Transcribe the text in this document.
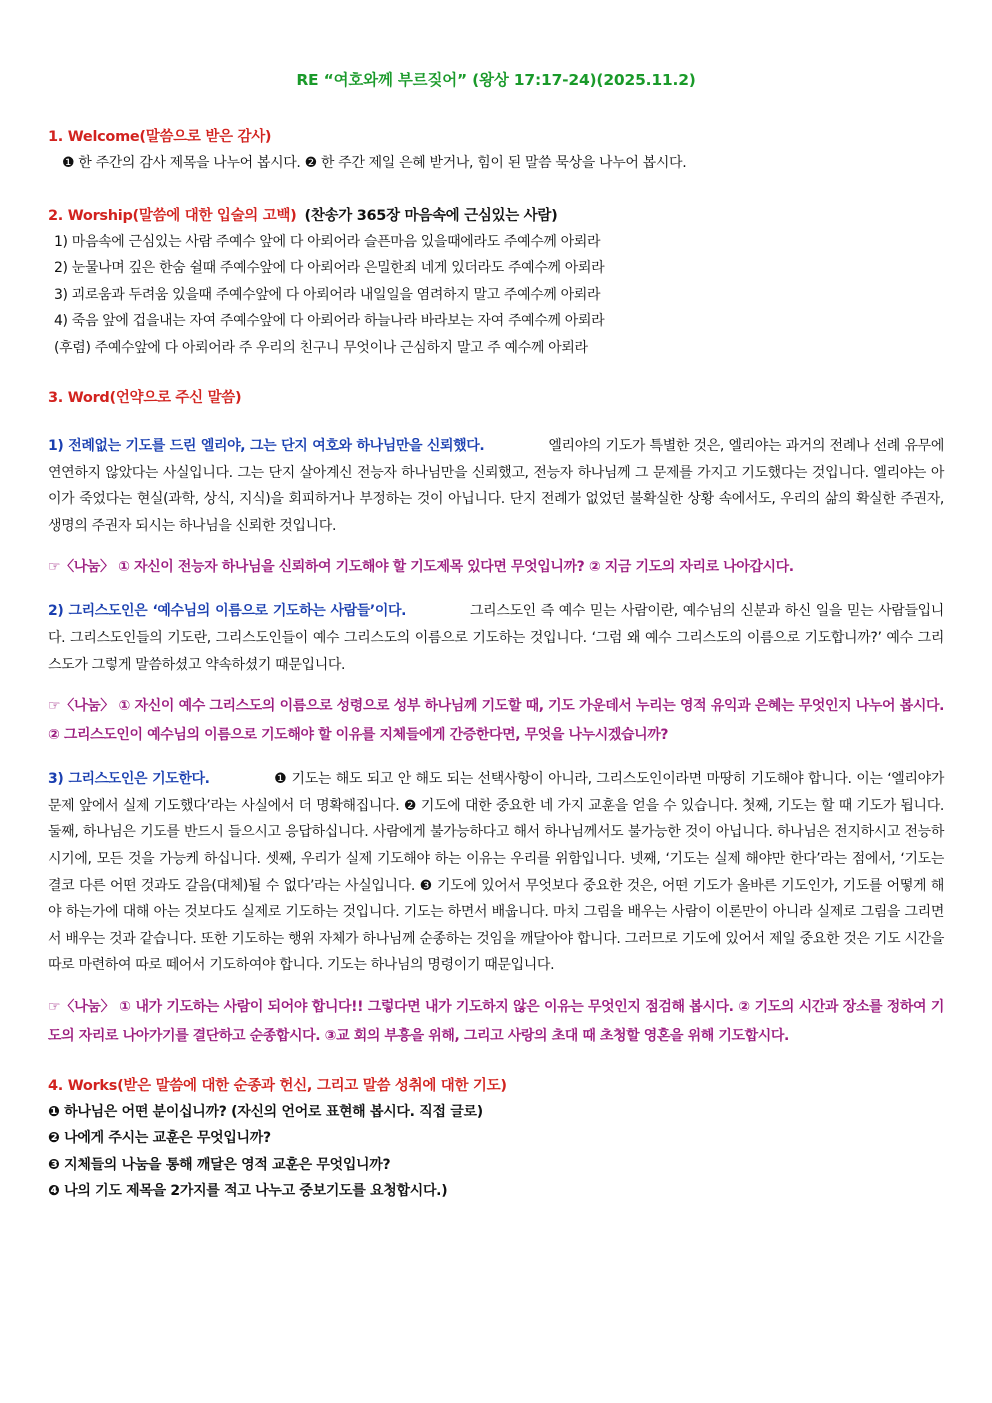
RE “여호와께 부르짖어” (왕상 17:17-24)(2025.11.2)

1. Welcome(말씀으로 받은 감사)

❶ 한 주간의 감사 제목을 나누어 봅시다. ❷ 한 주간 제일 은혜 받거나, 힘이 된 말씀 묵상을 나누어 봅시다.

2. Worship(말씀에 대한 입술의 고백) (찬송가 365장 마음속에 근심있는 사람)

1) 마음속에 근심있는 사람 주예수 앞에 다 아뢰어라 슬픈마음 있을때에라도 주예수께 아뢰라

2) 눈물나며 깊은 한숨 쉴때 주예수앞에 다 아뢰어라 은밀한죄 네게 있더라도 주예수께 아뢰라

3) 괴로움과 두려움 있을때 주예수앞에 다 아뢰어라 내일일을 염려하지 말고 주예수께 아뢰라

4) 죽음 앞에 겁을내는 자여 주예수앞에 다 아뢰어라 하늘나라 바라보는 자여 주예수께 아뢰라

(후렴) 주예수앞에 다 아뢰어라 주 우리의 친구니 무엇이나 근심하지 말고 주 예수께 아뢰라

3. Word(언약으로 주신 말씀)

1) 전례없는 기도를 드린 엘리야, 그는 단지 여호와 하나님만을 신뢰했다.	엘리야의 기도가 특별한 것은, 엘리야는 과거의 전례나 선례 유무에 연연하지 않았다는 사실입니다. 그는 단지 살아계신 전능자 하나님만을 신뢰했고, 전능자 하나님께 그 문제를 가지고 기도했다는 것입니다. 엘리야는 아이가 죽었다는 현실(과학, 상식, 지식)을 회피하거나 부정하는 것이 아닙니다. 단지 전례가 없었던 불확실한 상황 속에서도, 우리의 삶의 확실한 주권자, 생명의 주권자 되시는 하나님을 신뢰한 것입니다.

☞〈나눔〉 ① 자신이 전능자 하나님을 신뢰하여 기도해야 할 기도제목 있다면 무엇입니까? ② 지금 기도의 자리로 나아갑시다.

2) 그리스도인은 ‘예수님의 이름으로 기도하는 사람들’이다.	그리스도인 즉 예수 믿는 사람이란, 예수님의 신분과 하신 일을 믿는 사람들입니다. 그리스도인들의 기도란, 그리스도인들이 예수 그리스도의 이름으로 기도하는 것입니다. ‘그럼 왜 예수 그리스도의 이름으로 기도합니까?’ 예수 그리스도가 그렇게 말씀하셨고 약속하셨기 때문입니다.

☞〈나눔〉 ① 자신이 예수 그리스도의 이름으로 성령으로 성부 하나님께 기도할 때, 기도 가운데서 누리는 영적 유익과 은혜는 무엇인지 나누어 봅시다. ② 그리스도인이 예수님의 이름으로 기도해야 할 이유를 지체들에게 간증한다면, 무엇을 나누시겠습니까?

3) 그리스도인은 기도한다.	❶ 기도는 해도 되고 안 해도 되는 선택사항이 아니라, 그리스도인이라면 마땅히 기도해야 합니다. 이는 ‘엘리야가 문제 앞에서 실제 기도했다’라는 사실에서 더 명확해집니다. ❷ 기도에 대한 중요한 네 가지 교훈을 얻을 수 있습니다. 첫째, 기도는 할 때 기도가 됩니다. 둘째, 하나님은 기도를 반드시 들으시고 응답하십니다. 사람에게 불가능하다고 해서 하나님께서도 불가능한 것이 아닙니다. 하나님은 전지하시고 전능하시기에, 모든 것을 가능케 하십니다. 셋째, 우리가 실제 기도해야 하는 이유는 우리를 위함입니다. 넷째, ‘기도는 실제 해야만 한다’라는 점에서, ‘기도는 결코 다른 어떤 것과도 갈음(대체)될 수 없다’라는 사실입니다. ❸ 기도에 있어서 무엇보다 중요한 것은, 어떤 기도가 올바른 기도인가, 기도를 어떻게 해야 하는가에 대해 아는 것보다도 실제로 기도하는 것입니다. 기도는 하면서 배웁니다. 마치 그림을 배우는 사람이 이론만이 아니라 실제로 그림을 그리면서 배우는 것과 같습니다. 또한 기도하는 행위 자체가 하나님께 순종하는 것임을 깨달아야 합니다. 그러므로 기도에 있어서 제일 중요한 것은 기도 시간을 따로 마련하여 따로 떼어서 기도하여야 합니다. 기도는 하나님의 명령이기 때문입니다.

☞〈나눔〉 ① 내가 기도하는 사람이 되어야 합니다!! 그렇다면 내가 기도하지 않은 이유는 무엇인지 점검해 봅시다. ② 기도의 시간과 장소를 정하여 기도의 자리로 나아가기를 결단하고 순종합시다. ③교 회의 부흥을 위해, 그리고 사랑의 초대 때 초청할 영혼을 위해 기도합시다.

4. Works(받은 말씀에 대한 순종과 헌신, 그리고 말씀 성취에 대한 기도)

❶ 하나님은 어떤 분이십니까? (자신의 언어로 표현해 봅시다. 직접 글로)

❷ 나에게 주시는 교훈은 무엇입니까?

❸ 지체들의 나눔을 통해 깨달은 영적 교훈은 무엇입니까?

❹ 나의 기도 제목을 2가지를 적고 나누고 중보기도를 요청합시다.)
